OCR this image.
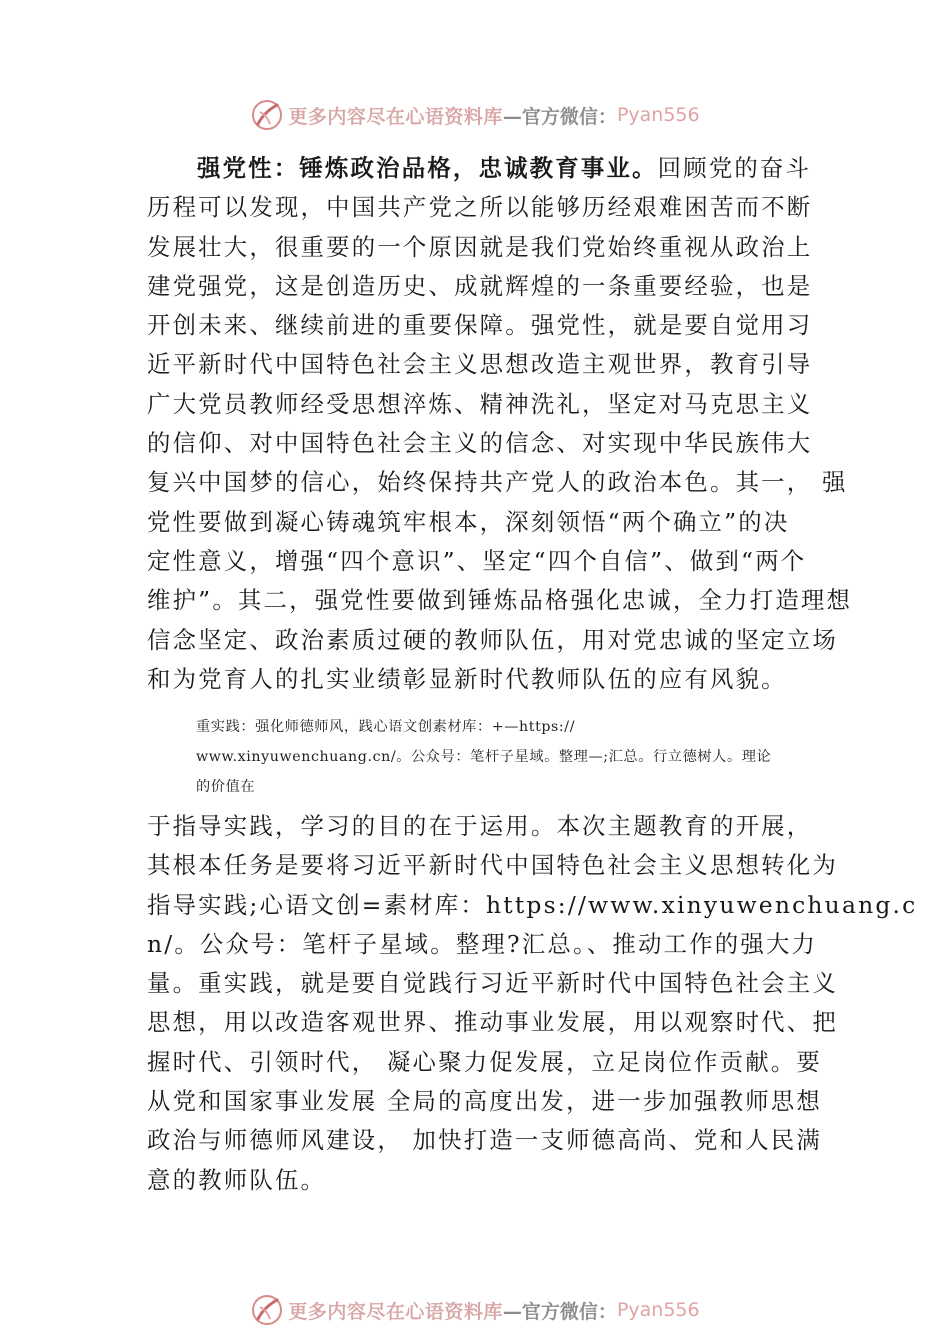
更多内容尽在心语资料库 —官方微信： Pyan556
强党性：锤炼政治品格，忠诚教育事业。回顾党的奋斗
历程可以发现，中国共产党之所以能够历经艰难困苦而不断
发展壮大，很重要的一个原因就是我们党始终重视从政治上
建党强党，这是创造历史、成就辉煌的一条重要经验，也是
开创未来、继续前进的重要保障。强党性，就是要自觉用习
近平新时代中国特色社会主义思想改造主观世界，教育引导
广大党员教师经受思想淬炼、精神洗礼，坚定对马克思主义
的信仰、对中国特色社会主义的信念、对实现中华民族伟大
复兴中国梦的信心，始终保持共产党人的政治本色。其一， 强
党性要做到凝心铸魂筑牢根本，深刻领悟“两个确立”的决
定性意义，增强“四个意识”、坚定“四个自信”、做到“两个
维护”。其二，强党性要做到锤炼品格强化忠诚，全力打造理想
信念坚定、政治素质过硬的教师队伍，用对党忠诚的坚定立场
和为党育人的扎实业绩彰显新时代教师队伍的应有风貌。
重实践：强化师德师风，践心语文创素材库：+—https://
www.xinyuwenchuang.cn/。公众号：笔杆子星域。整理—;汇总。行立德树人。理论
的价值在
于指导实践，学习的目的在于运用。本次主题教育的开展，
其根本任务是要将习近平新时代中国特色社会主义思想转化为
指导实践;心语文创=素材库：https://www.xinyuwenchuang.c
n/。公众号：笔杆子星域。整理?汇总。、推动工作的强大力
量。重实践，就是要自觉践行习近平新时代中国特色社会主义
思想，用以改造客观世界、推动事业发展，用以观察时代、把
握时代、引领时代， 凝心聚力促发展，立足岗位作贡献。要
从党和国家事业发展 全局的高度出发，进一步加强教师思想
政治与师德师风建设， 加快打造一支师德高尚、党和人民满
意的教师队伍。
更多内容尽在心语资料库 —官方微信： Pyan556
